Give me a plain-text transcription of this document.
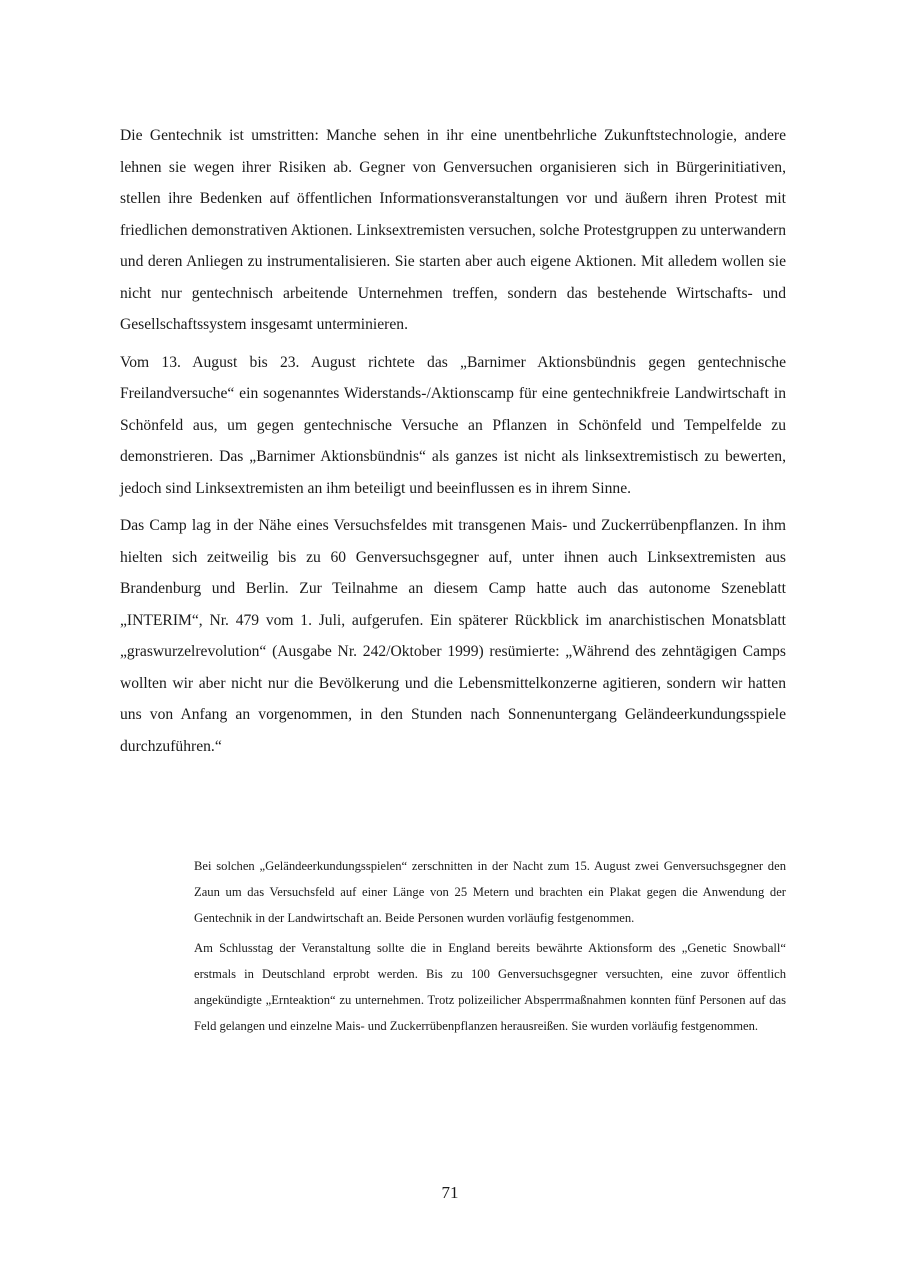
Die Gentechnik ist umstritten: Manche sehen in ihr eine unentbehrliche Zukunftstechnologie, andere lehnen sie wegen ihrer Risiken ab. Gegner von Genversuchen organisieren sich in Bürgerinitiativen, stellen ihre Bedenken auf öffentlichen Informationsveranstaltungen vor und äußern ihren Protest mit friedlichen demonstrativen Aktionen. Linksextremisten versuchen, solche Protestgruppen zu unterwandern und deren Anliegen zu instrumentalisieren. Sie starten aber auch eigene Aktionen. Mit alledem wollen sie nicht nur gentechnisch arbeitende Unternehmen treffen, sondern das bestehende Wirtschafts- und Gesellschaftssystem insgesamt unterminieren.

Vom 13. August bis 23. August richtete das „Barnimer Aktionsbündnis gegen gentechnische Freilandversuche“ ein sogenanntes Widerstands-/Aktionscamp für eine gentechnikfreie Landwirtschaft in Schönfeld aus, um gegen gentechnische Versuche an Pflanzen in Schönfeld und Tempelfelde zu demonstrieren. Das „Barnimer Aktionsbündnis“ als ganzes ist nicht als linksextremistisch zu bewerten, jedoch sind Linksextremisten an ihm beteiligt und beeinflussen es in ihrem Sinne.

Das Camp lag in der Nähe eines Versuchsfeldes mit transgenen Mais- und Zuckerrübenpflanzen. In ihm hielten sich zeitweilig bis zu 60 Genversuchsgegner auf, unter ihnen auch Linksextremisten aus Brandenburg und Berlin. Zur Teilnahme an diesem Camp hatte auch das autonome Szeneblatt „INTERIM“, Nr. 479 vom 1. Juli, aufgerufen. Ein späterer Rückblick im anarchistischen Monatsblatt „graswurzelrevolution“ (Ausgabe Nr. 242/Oktober 1999) resümierte: „Während des zehntägigen Camps wollten wir aber nicht nur die Bevölkerung und die Lebensmittelkonzerne agitieren, sondern wir hatten uns von Anfang an vorgenommen, in den Stunden nach Sonnenuntergang Geländeerkundungsspiele durchzuführen.“

Bei solchen „Geländeerkundungsspielen“ zerschnitten in der Nacht zum 15. August zwei Genversuchsgegner den Zaun um das Versuchsfeld auf einer Länge von 25 Metern und brachten ein Plakat gegen die Anwendung der Gentechnik in der Landwirtschaft an. Beide Personen wurden vorläufig festgenommen.

Am Schlusstag der Veranstaltung sollte die in England bereits bewährte Aktionsform des „Genetic Snowball“ erstmals in Deutschland erprobt werden. Bis zu 100 Genversuchsgegner versuchten, eine zuvor öffentlich angekündigte „Ernteaktion“ zu unternehmen. Trotz polizeilicher Absperrmaßnahmen konnten fünf Personen auf das Feld gelangen und einzelne Mais- und Zuckerrübenpflanzen herausreißen. Sie wurden vorläufig festgenommen.

71
